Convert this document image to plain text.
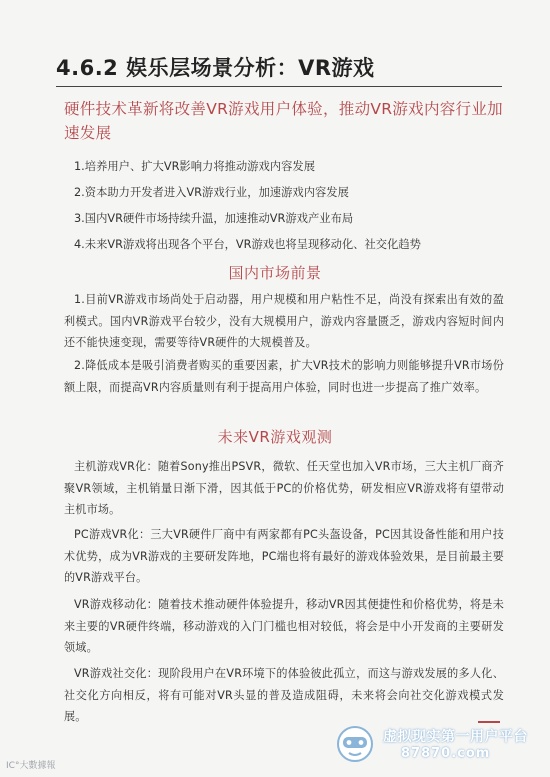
4.6.2 娱乐层场景分析：VR游戏
硬件技术革新将改善VR游戏用户体验，推动VR游戏内容行业加速发展
1.培养用户、扩大VR影响力将推动游戏内容发展
2.资本助力开发者进入VR游戏行业，加速游戏内容发展
3.国内VR硬件市场持续升温，加速推动VR游戏产业布局
4.未来VR游戏将出现各个平台，VR游戏也将呈现移动化、社交化趋势
国内市场前景

1.目前VR游戏市场尚处于启动器，用户规模和用户粘性不足，尚没有探索出有效的盈利模式。国内VR游戏平台较少，没有大规模用户，游戏内容量匮乏，游戏内容短时间内还不能快速变现，需要等待VR硬件的大规模普及。

2.降低成本是吸引消费者购买的重要因素，扩大VR技术的影响力则能够提升VR市场份额上限，而提高VR内容质量则有利于提高用户体验，同时也进一步提高了推广效率。

未来VR游戏观测

主机游戏VR化：随着Sony推出PSVR，微软、任天堂也加入VR市场，三大主机厂商齐聚VR领域，主机销量日渐下滑，因其低于PC的价格优势，研发相应VR游戏将有望带动主机市场。

PC游戏VR化：三大VR硬件厂商中有两家都有PC头盔设备，PC因其设备性能和用户技术优势，成为VR游戏的主要研发阵地，PC端也将有最好的游戏体验效果，是目前最主要的VR游戏平台。

VR游戏移动化：随着技术推动硬件体验提升，移动VR因其便捷性和价格优势，将是未来主要的VR硬件终端，移动游戏的入门门槛也相对较低，将会是中小开发商的主要研发领域。

VR游戏社交化：现阶段用户在VR环境下的体验彼此孤立，而这与游戏发展的多人化、社交化方向相反，将有可能对VR头显的普及造成阻碍，未来将会向社交化游戏模式发展。

IC°大數據報
虚拟现实第一用户平台
87870.com
